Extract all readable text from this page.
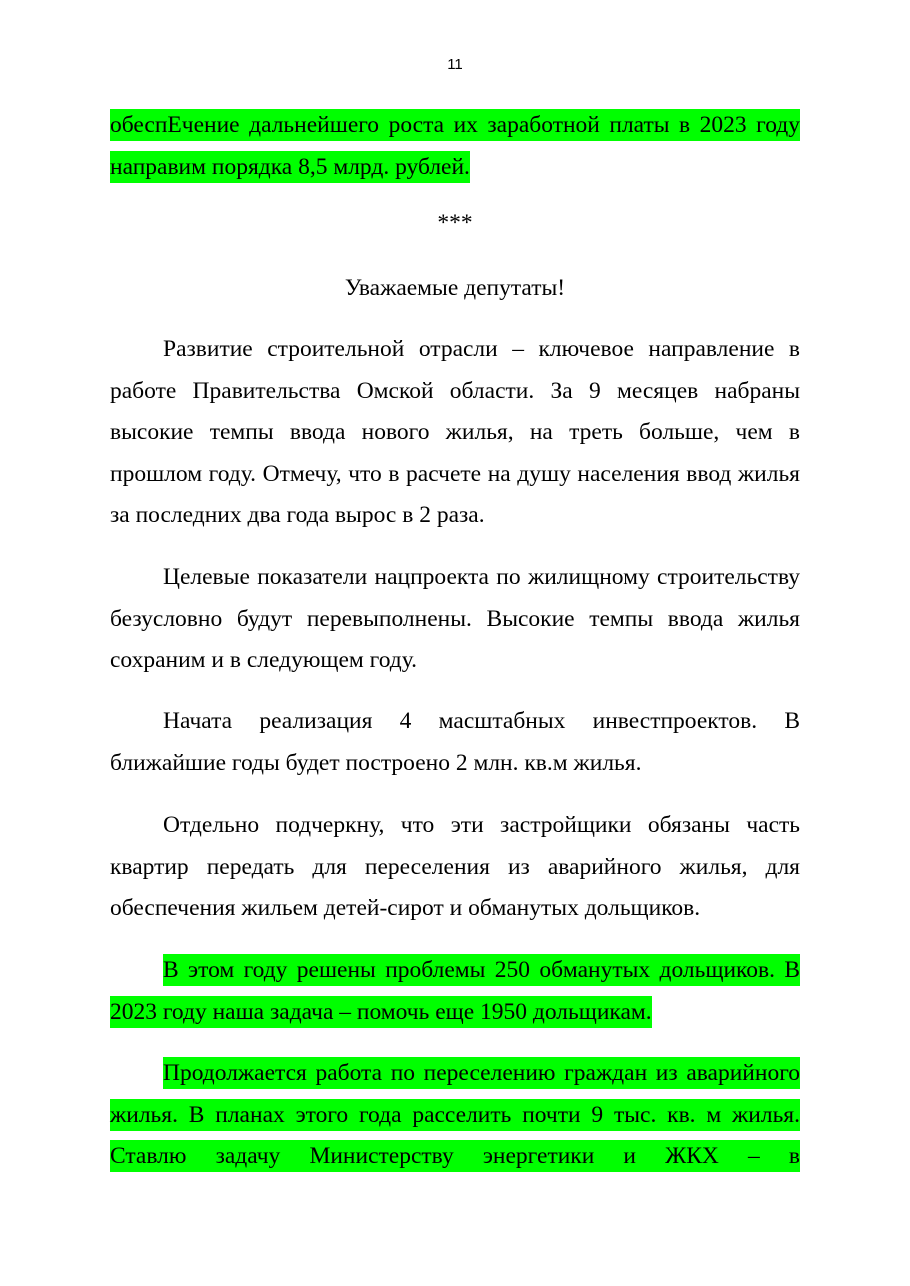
11
обеспЕчение дальнейшего роста их заработной платы в 2023 году направим порядка 8,5 млрд. рублей.
***
Уважаемые депутаты!
Развитие строительной отрасли – ключевое направление в работе Правительства Омской области. За 9 месяцев набраны высокие темпы ввода нового жилья, на треть больше, чем в прошлом году. Отмечу, что в расчете на душу населения ввод жилья за последних два года вырос в 2 раза.
Целевые показатели нацпроекта по жилищному строительству безусловно будут перевыполнены. Высокие темпы ввода жилья сохраним и в следующем году.
Начата реализация 4 масштабных инвестпроектов. В ближайшие годы будет построено 2 млн. кв.м жилья.
Отдельно подчеркну, что эти застройщики обязаны часть квартир передать для переселения из аварийного жилья, для обеспечения жильем детей-сирот и обманутых дольщиков.
В этом году решены проблемы 250 обманутых дольщиков. В 2023 году наша задача – помочь еще 1950 дольщикам.
Продолжается работа по переселению граждан из аварийного жилья. В планах этого года расселить почти 9 тыс. кв. м жилья. Ставлю задачу Министерству энергетики и ЖКХ – в
